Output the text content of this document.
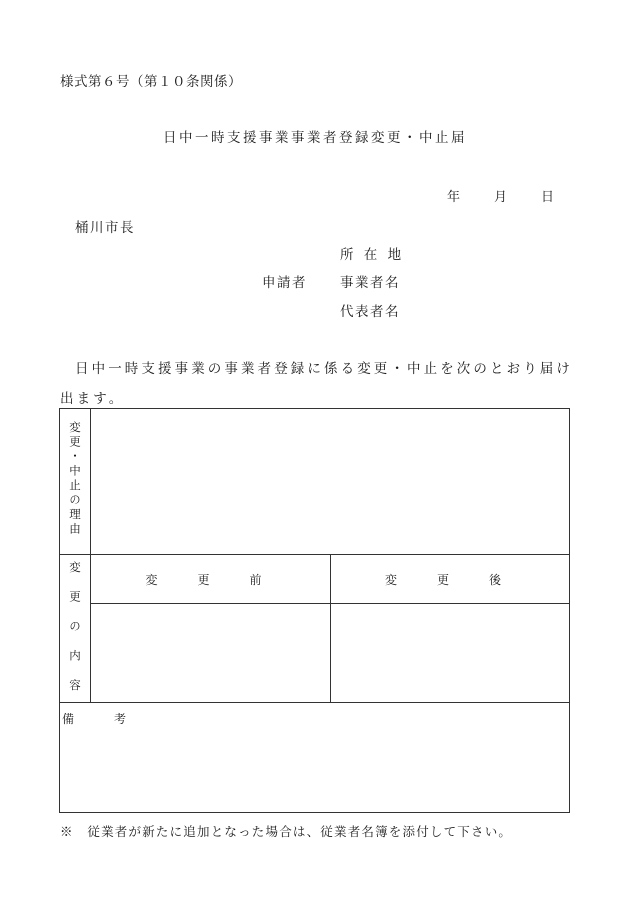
様式第６号（第１０条関係）
日中一時支援事業事業者登録変更・中止届
年	月	日
桶川市長
申請者
所 在 地
事業者名
代表者名
日中一時支援事業の事業者登録に係る変更・中止を次のとおり届け出ます。
変更・中止の理由
変更の内容	変　更　前	変　更　後
備　考
※　従業者が新たに追加となった場合は、従業者名簿を添付して下さい。
